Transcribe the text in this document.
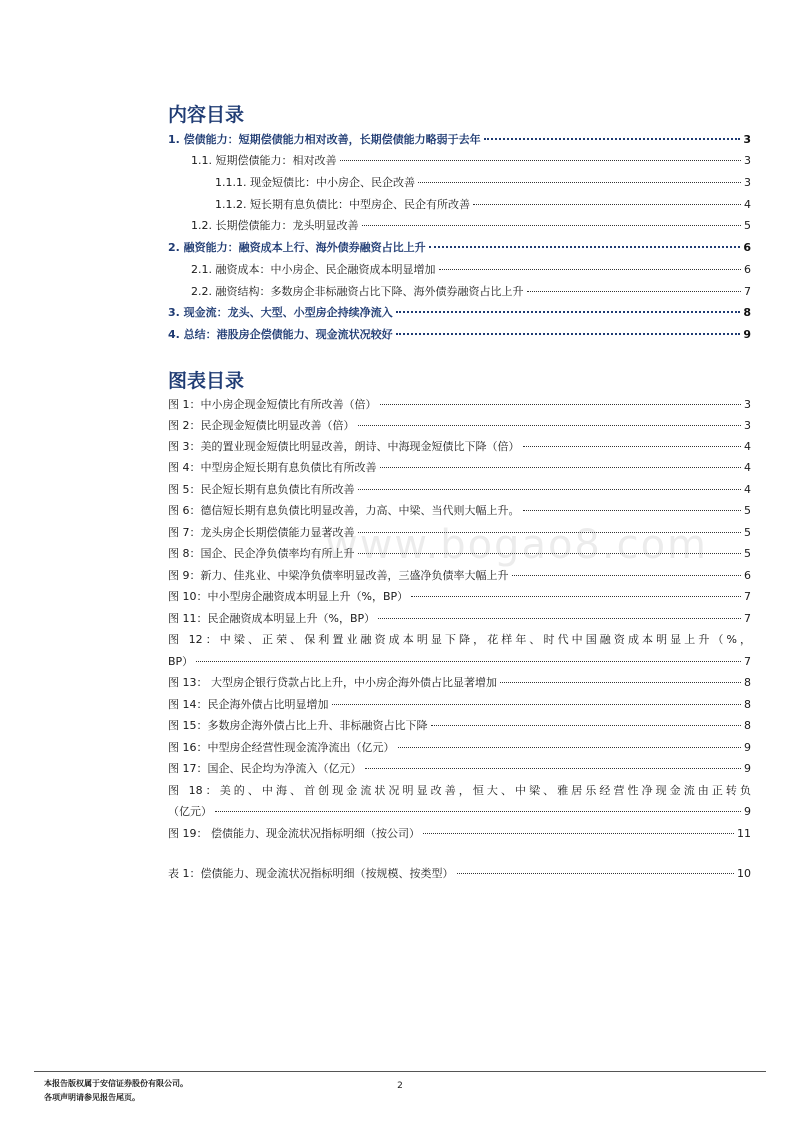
内容目录
1. 偿债能力：短期偿债能力相对改善，长期偿债能力略弱于去年	3
1.1. 短期偿债能力：相对改善	3
1.1.1. 现金短债比：中小房企、民企改善	3
1.1.2. 短长期有息负债比：中型房企、民企有所改善	4
1.2. 长期偿债能力：龙头明显改善	5
2. 融资能力：融资成本上行、海外债券融资占比上升	6
2.1. 融资成本：中小房企、民企融资成本明显增加	6
2.2. 融资结构：多数房企非标融资占比下降、海外债券融资占比上升	7
3. 现金流：龙头、大型、小型房企持续净流入	8
4. 总结：港股房企偿债能力、现金流状况较好	9
图表目录
图 1：中小房企现金短债比有所改善（倍）	3
图 2：民企现金短债比明显改善（倍）	3
图 3：美的置业现金短债比明显改善，朗诗、中海现金短债比下降（倍）	4
图 4：中型房企短长期有息负债比有所改善	4
图 5：民企短长期有息负债比有所改善	4
图 6：德信短长期有息负债比明显改善，力高、中梁、当代则大幅上升。	5
图 7：龙头房企长期偿债能力显著改善	5
图 8：国企、民企净负债率均有所上升	5
图 9：新力、佳兆业、中梁净负债率明显改善，三盛净负债率大幅上升	6
图 10：中小型房企融资成本明显上升（%，BP）	7
图 11：民企融资成本明显上升（%，BP）	7
图 12：中梁、正荣、保利置业融资成本明显下降，花样年、时代中国融资成本明显上升（%，
BP）	7
图 13： 大型房企银行贷款占比上升，中小房企海外债占比显著增加	8
图 14：民企海外债占比明显增加	8
图 15：多数房企海外债占比上升、非标融资占比下降	8
图 16：中型房企经营性现金流净流出（亿元）	9
图 17：国企、民企均为净流入（亿元）	9
图 18：美的、中海、首创现金流状况明显改善，恒大、中梁、雅居乐经营性净现金流由正转负
（亿元）	9
图 19： 偿债能力、现金流状况指标明细（按公司）	11
表 1：偿债能力、现金流状况指标明细（按规模、按类型）	10
www.bogao8.com
本报告版权属于安信证券股份有限公司。
各项声明请参见报告尾页。
2
